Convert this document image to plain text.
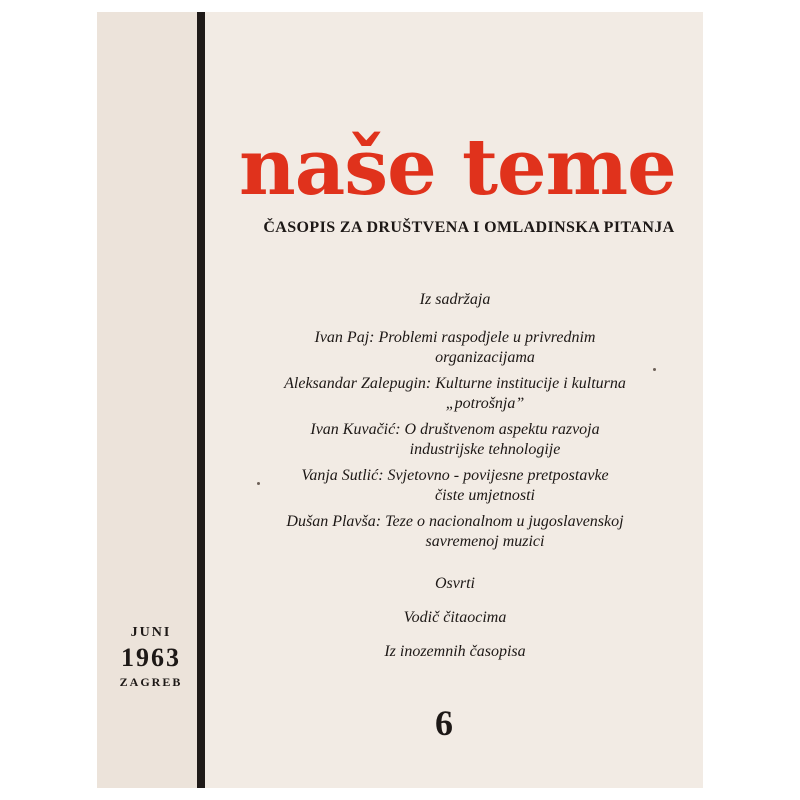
naše teme
ČASOPIS ZA DRUŠTVENA I OMLADINSKA PITANJA
Iz sadržaja
Ivan Paj: Problemi raspodjele u privrednim
organizacijama
Aleksandar Zalepugin: Kulturne institucije i kulturna
„potrošnja”
Ivan Kuvačić: O društvenom aspektu razvoja
industrijske tehnologije
Vanja Sutlić: Svjetovno - povijesne pretpostavke
čiste umjetnosti
Dušan Plavša: Teze o nacionalnom u jugoslavenskoj
savremenoj muzici
Osvrti
Vodič čitaocima
Iz inozemnih časopisa
JUNI
1963
ZAGREB
6
